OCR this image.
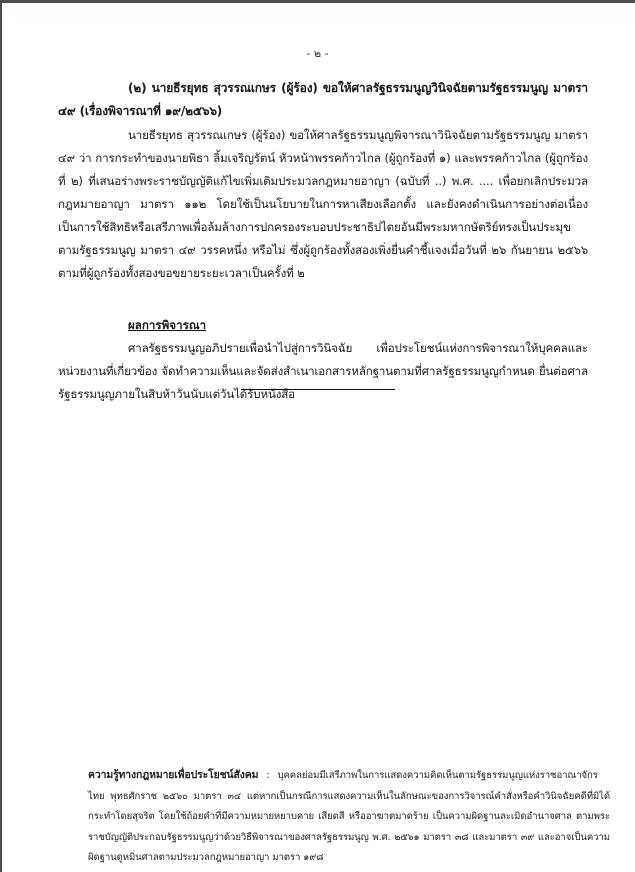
- ๒ -
(๒) นายธีรยุทธ สุวรรณเกษร (ผู้ร้อง) ขอให้ศาลรัฐธรรมนูญวินิจฉัยตามรัฐธรรมนูญ มาตรา ๔๙ (เรื่องพิจารณาที่ ๑๙/๒๕๖๖)
นายธีรยุทธ สุวรรณเกษร (ผู้ร้อง) ขอให้ศาลรัฐธรรมนูญพิจารณาวินิจฉัยตามรัฐธรรมนูญ มาตรา ๔๙ ว่า การกระทำของนายพิธา ลิ้มเจริญรัตน์ หัวหน้าพรรคก้าวไกล (ผู้ถูกร้องที่ ๑) และพรรคก้าวไกล (ผู้ถูกร้องที่ ๒) ที่เสนอร่างพระราชบัญญัติแก้ไขเพิ่มเติมประมวลกฎหมายอาญา (ฉบับที่ ..) พ.ศ. .... เพื่อยกเลิกประมวลกฎหมายอาญา มาตรา ๑๑๒ โดยใช้เป็นนโยบายในการหาเสียงเลือกตั้ง และยังคงดำเนินการอย่างต่อเนื่อง เป็นการใช้สิทธิหรือเสรีภาพเพื่อล้มล้างการปกครองระบอบประชาธิปไตยอันมีพระมหากษัตริย์ทรงเป็นประมุข ตามรัฐธรรมนูญ มาตรา ๔๙ วรรคหนึ่ง หรือไม่ ซึ่งผู้ถูกร้องทั้งสองเพิ่งยื่นคำชี้แจงเมื่อวันที่ ๒๖ กันยายน ๒๕๖๖ ตามที่ผู้ถูกร้องทั้งสองขอขยายระยะเวลาเป็นครั้งที่ ๒
ผลการพิจารณา
ศาลรัฐธรรมนูญอภิปรายเพื่อนำไปสู่การวินิจฉัย เพื่อประโยชน์แห่งการพิจารณาให้บุคคลและหน่วยงานที่เกี่ยวข้อง จัดทำความเห็นและจัดส่งสำเนาเอกสารหลักฐานตามที่ศาลรัฐธรรมนูญกำหนด ยื่นต่อศาลรัฐธรรมนูญภายในสิบห้าวันนับแต่วันได้รับหนังสือ
ความรู้ทางกฎหมายเพื่อประโยชน์สังคม : บุคคลย่อมมีเสรีภาพในการแสดงความคิดเห็นตามรัฐธรรมนูญแห่งราชอาณาจักรไทย พุทธศักราช ๒๕๖๐ มาตรา ๓๔ แต่หากเป็นกรณีการแสดงความเห็นในลักษณะของการวิจารณ์คำสั่งหรือคำวินิจฉัยคดีที่มิได้กระทำโดยสุจริต โดยใช้ถ้อยคำที่มีความหมายหยาบคาย เสียดสี หรืออาฆาตมาดร้าย เป็นความผิดฐานละเมิดอำนาจศาล ตามพระราชบัญญัติประกอบรัฐธรรมนูญว่าด้วยวิธีพิจารณาของศาลรัฐธรรมนูญ พ.ศ. ๒๕๖๑ มาตรา ๓๘ และมาตรา ๓๙ และอาจเป็นความผิดฐานดูหมิ่นศาลตามประมวลกฎหมายอาญา มาตรา ๑๙๘
